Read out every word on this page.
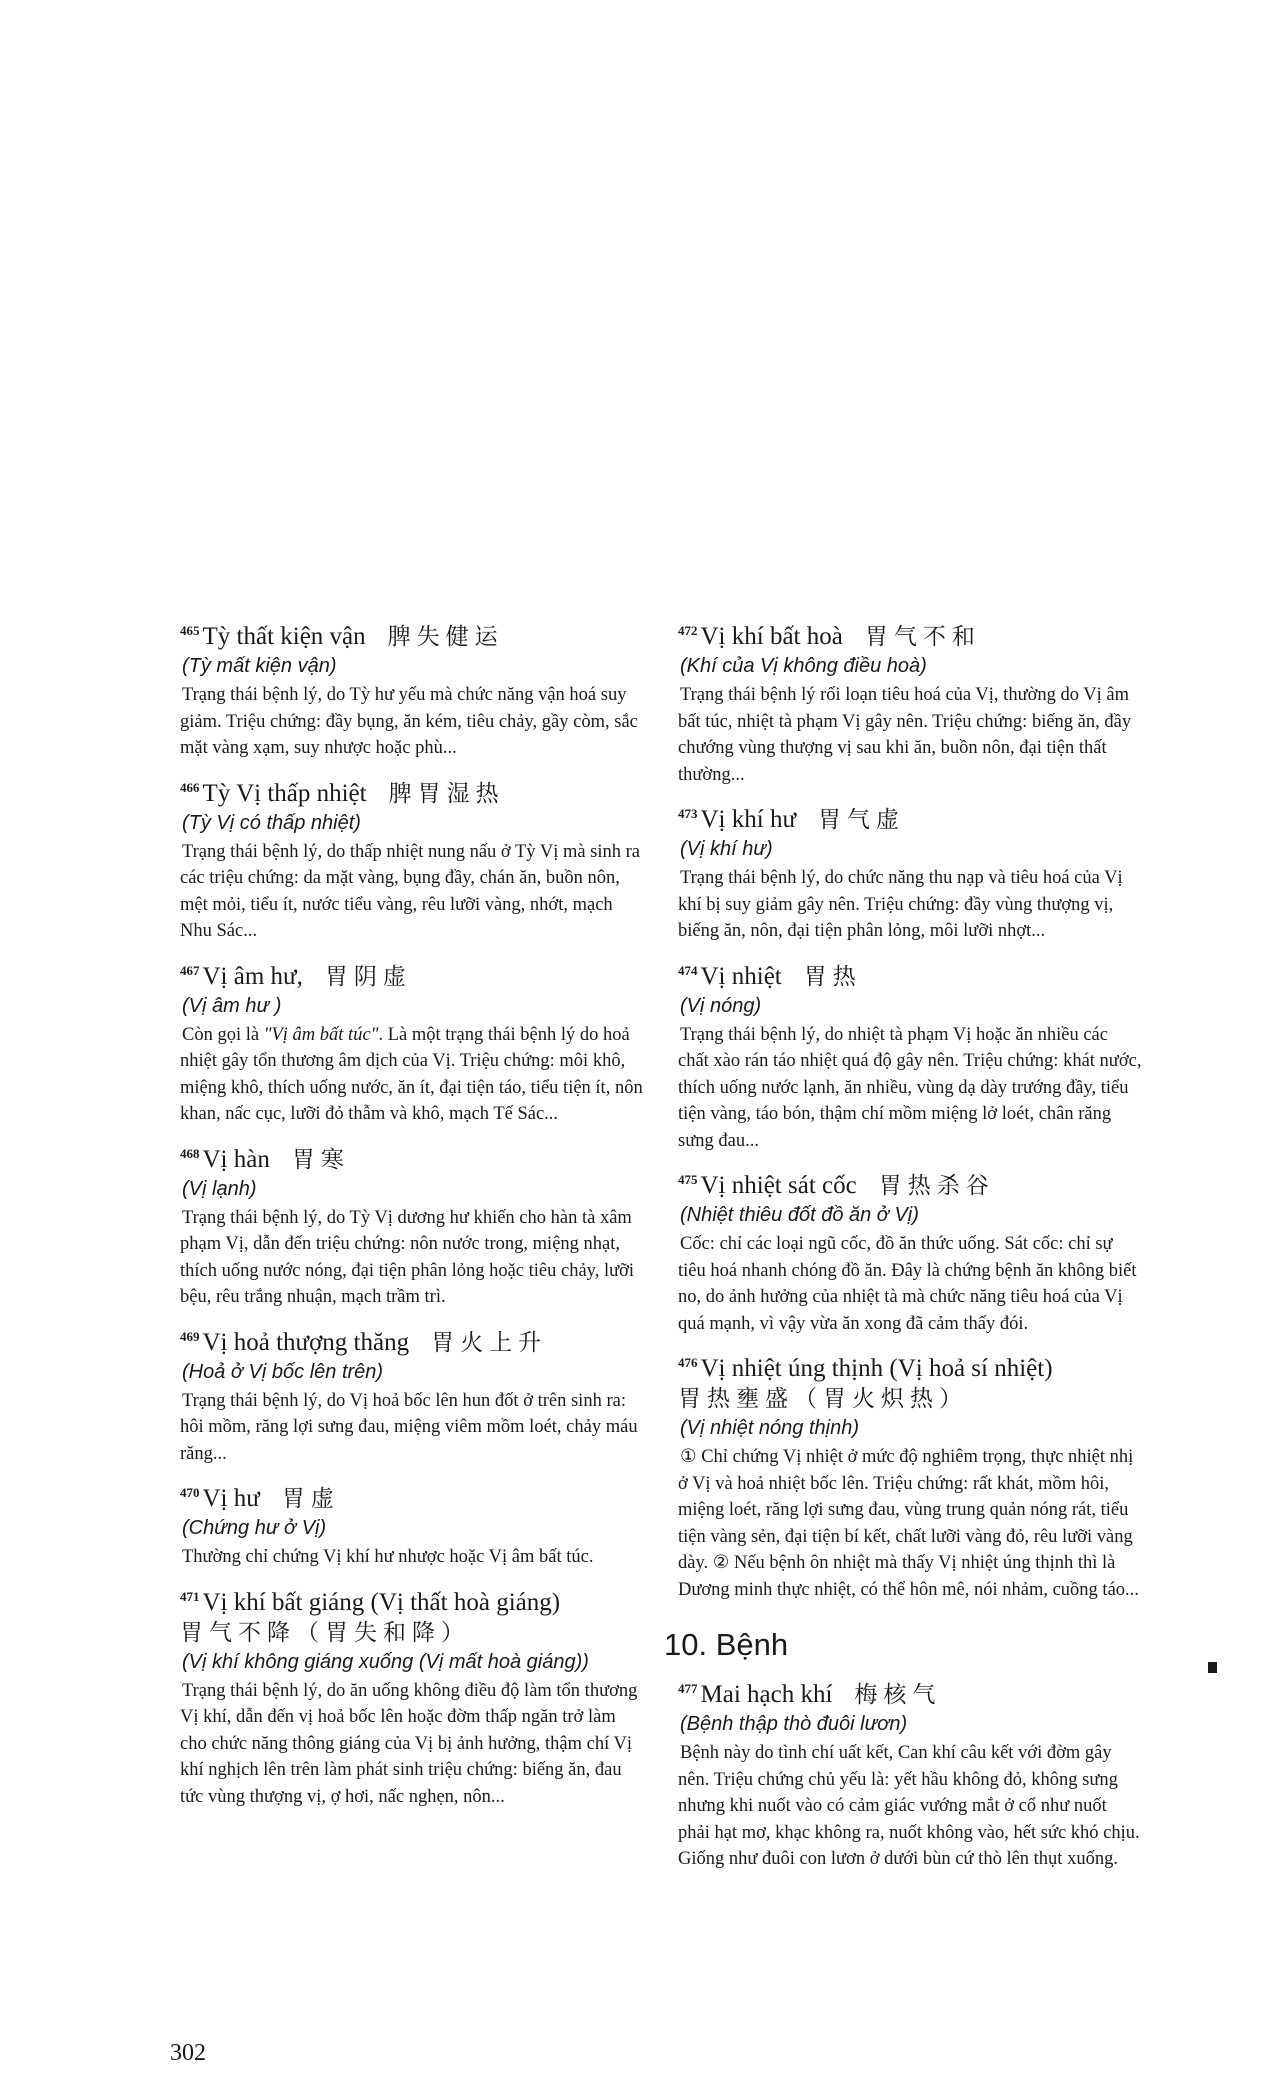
$^{465}$ Tỳ thất kiện vận 脾失健运

(Tỳ mất kiện vận)

Trạng thái bệnh lý, do Tỳ hư yếu mà chức năng vận hoá suy giảm. Triệu chứng: đầy bụng, ăn kém, tiêu chảy, gầy còm, sắc mặt vàng xạm, suy nhược hoặc phù...

$^{466}$ Tỳ Vị thấp nhiệt 脾胃湿热

(Tỳ Vị có thấp nhiệt)

Trạng thái bệnh lý, do thấp nhiệt nung nấu ở Tỳ Vị mà sinh ra các triệu chứng: da mặt vàng, bụng đầy, chán ăn, buồn nôn, mệt mỏi, tiểu ít, nước tiểu vàng, rêu lưỡi vàng, nhớt, mạch Nhu Sác...

$^{467}$ Vị âm hư, 胃阴虚

(Vị âm hư )

Còn gọi là "Vị âm bất túc". Là một trạng thái bệnh lý do hoả nhiệt gây tổn thương âm dịch của Vị. Triệu chứng: môi khô, miệng khô, thích uống nước, ăn ít, đại tiện táo, tiểu tiện ít, nôn khan, nấc cục, lưỡi đỏ thẫm và khô, mạch Tế Sác...

$^{468}$ Vị hàn 胃寒

(Vị lạnh)

Trạng thái bệnh lý, do Tỳ Vị dương hư khiến cho hàn tà xâm phạm Vị, dẫn đến triệu chứng: nôn nước trong, miệng nhạt, thích uống nước nóng, đại tiện phân lỏng hoặc tiêu chảy, lưỡi bệu, rêu trắng nhuận, mạch trầm trì.

$^{469}$ Vị hoả thượng thăng 胃火上升

(Hoả ở Vị bốc lên trên)

Trạng thái bệnh lý, do Vị hoả bốc lên hun đốt ở trên sinh ra: hôi mồm, răng lợi sưng đau, miệng viêm mồm loét, chảy máu răng...

$^{470}$ Vị hư 胃虚

(Chứng hư ở Vị)

Thường chỉ chứng Vị khí hư nhược hoặc Vị âm bất túc.

$^{471}$ Vị khí bất giáng (Vị thất hoà giáng)
胃气不降（胃失和降）

(Vị khí không giáng xuống (Vị mất hoà giáng))

Trạng thái bệnh lý, do ăn uống không điều độ làm tổn thương Vị khí, dẫn đến vị hoả bốc lên hoặc đờm thấp ngăn trở làm cho chức năng thông giáng của Vị bị ảnh hưởng, thậm chí Vị khí nghịch lên trên làm phát sinh triệu chứng: biếng ăn, đau tức vùng thượng vị, ợ hơi, nấc nghẹn, nôn...

$^{472}$ Vị khí bất hoà 胃气不和

(Khí của Vị không điều hoà)

Trạng thái bệnh lý rối loạn tiêu hoá của Vị, thường do Vị âm bất túc, nhiệt tà phạm Vị gây nên. Triệu chứng: biếng ăn, đầy chướng vùng thượng vị sau khi ăn, buồn nôn, đại tiện thất thường...

$^{473}$ Vị khí hư 胃气虚

(Vị khí hư)

Trạng thái bệnh lý, do chức năng thu nạp và tiêu hoá của Vị khí bị suy giảm gây nên. Triệu chứng: đầy vùng thượng vị, biếng ăn, nôn, đại tiện phân lỏng, môi lưỡi nhợt...

$^{474}$ Vị nhiệt 胃热

(Vị nóng)

Trạng thái bệnh lý, do nhiệt tà phạm Vị hoặc ăn nhiều các chất xào rán táo nhiệt quá độ gây nên. Triệu chứng: khát nước, thích uống nước lạnh, ăn nhiều, vùng dạ dày trướng đầy, tiểu tiện vàng, táo bón, thậm chí mồm miệng lở loét, chân răng sưng đau...

$^{475}$ Vị nhiệt sát cốc 胃热杀谷

(Nhiệt thiêu đốt đồ ăn ở Vị)

Cốc: chỉ các loại ngũ cốc, đồ ăn thức uống. Sát cốc: chỉ sự tiêu hoá nhanh chóng đồ ăn. Đây là chứng bệnh ăn không biết no, do ảnh hưởng của nhiệt tà mà chức năng tiêu hoá của Vị quá mạnh, vì vậy vừa ăn xong đã cảm thấy đói.

$^{476}$ Vị nhiệt úng thịnh (Vị hoả sí nhiệt)
胃热壅盛（胃火炽热）

(Vị nhiệt nóng thịnh)

① Chỉ chứng Vị nhiệt ở mức độ nghiêm trọng, thực nhiệt nhị ở Vị và hoả nhiệt bốc lên. Triệu chứng: rất khát, mồm hôi, miệng loét, răng lợi sưng đau, vùng trung quản nóng rát, tiểu tiện vàng sẻn, đại tiện bí kết, chất lưỡi vàng đỏ, rêu lưỡi vàng dày. ② Nếu bệnh ôn nhiệt mà thấy Vị nhiệt úng thịnh thì là Dương minh thực nhiệt, có thể hôn mê, nói nhảm, cuồng táo...

10. Bệnh

$^{477}$ Mai hạch khí 梅核气

(Bệnh thập thò đuôi lươn)

Bệnh này do tình chí uất kết, Can khí câu kết với đờm gây nên. Triệu chứng chủ yếu là: yết hầu không đỏ, không sưng nhưng khi nuốt vào có cảm giác vướng mắt ở cổ như nuốt phải hạt mơ, khạc không ra, nuốt không vào, hết sức khó chịu. Giống như đuôi con lươn ở dưới bùn cứ thò lên thụt xuống.

302
